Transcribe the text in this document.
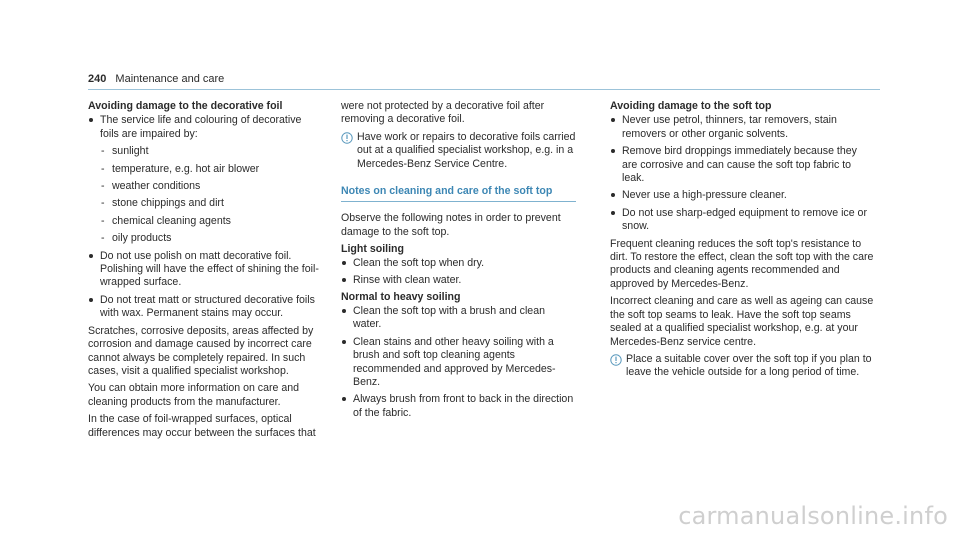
240 Maintenance and care
Avoiding damage to the decorative foil
The service life and colouring of decorative foils are impaired by:
- sunlight
- temperature, e.g. hot air blower
- weather conditions
- stone chippings and dirt
- chemical cleaning agents
- oily products
Do not use polish on matt decorative foil. Polishing will have the effect of shining the foil-wrapped surface.
Do not treat matt or structured decorative foils with wax. Permanent stains may occur.
Scratches, corrosive deposits, areas affected by corrosion and damage caused by incorrect care cannot always be completely repaired. In such cases, visit a qualified specialist workshop.
You can obtain more information on care and cleaning products from the manufacturer.
In the case of foil-wrapped surfaces, optical differences may occur between the surfaces that
were not protected by a decorative foil after removing a decorative foil.
Have work or repairs to decorative foils carried out at a qualified specialist workshop, e.g. in a Mercedes-Benz Service Centre.
Notes on cleaning and care of the soft top
Observe the following notes in order to prevent damage to the soft top.
Light soiling
Clean the soft top when dry.
Rinse with clean water.
Normal to heavy soiling
Clean the soft top with a brush and clean water.
Clean stains and other heavy soiling with a brush and soft top cleaning agents recommended and approved by Mercedes-Benz.
Always brush from front to back in the direction of the fabric.
Avoiding damage to the soft top
Never use petrol, thinners, tar removers, stain removers or other organic solvents.
Remove bird droppings immediately because they are corrosive and can cause the soft top fabric to leak.
Never use a high-pressure cleaner.
Do not use sharp-edged equipment to remove ice or snow.
Frequent cleaning reduces the soft top's resistance to dirt. To restore the effect, clean the soft top with the care products and cleaning agents recommended and approved by Mercedes-Benz.
Incorrect cleaning and care as well as ageing can cause the soft top seams to leak. Have the soft top seams sealed at a qualified specialist workshop, e.g. at your Mercedes-Benz service centre.
Place a suitable cover over the soft top if you plan to leave the vehicle outside for a long period of time.
carmanualsonline.info
